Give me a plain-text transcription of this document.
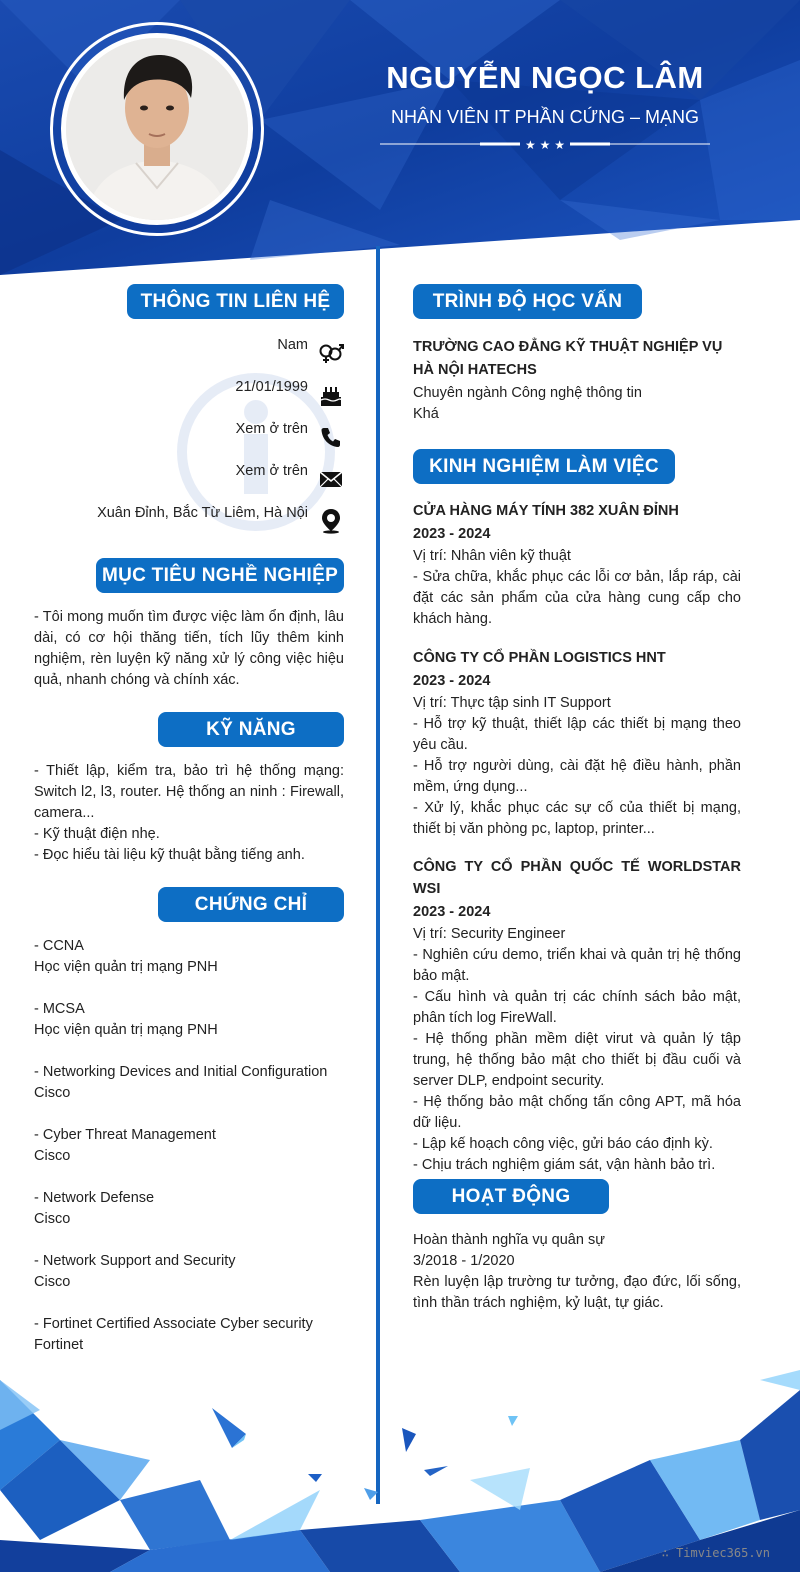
NGUYỄN NGỌC LÂM
NHÂN VIÊN IT PHẦN CỨNG – MẠNG
★ ★ ★
THÔNG TIN LIÊN HỆ
Nam
21/01/1999
Xem ở trên
Xem ở trên
Xuân Đỉnh, Bắc Từ Liêm, Hà Nội
MỤC TIÊU NGHỀ NGHIỆP
- Tôi mong muốn tìm được việc làm ổn định, lâu dài, có cơ hội thăng tiến, tích lũy thêm kinh nghiệm, rèn luyện kỹ năng xử lý công việc hiệu quả, nhanh chóng và chính xác.
KỸ NĂNG
- Thiết lập, kiểm tra, bảo trì hệ thống mạng: Switch l2, l3, router. Hệ thống an ninh : Firewall, camera...
- Kỹ thuật điện nhẹ.
- Đọc hiểu tài liệu kỹ thuật bằng tiếng anh.
CHỨNG CHỈ
- CCNA
Học viện quản trị mạng PNH
- MCSA
Học viện quản trị mạng PNH
- Networking Devices and Initial Configuration
Cisco
- Cyber Threat Management
Cisco
- Network Defense
Cisco
- Network Support and Security
Cisco
- Fortinet Certified Associate Cyber security
Fortinet
TRÌNH ĐỘ HỌC VẤN
TRƯỜNG CAO ĐẲNG KỸ THUẬT NGHIỆP VỤ HÀ NỘI HATECHS
Chuyên ngành Công nghệ thông tin
Khá
KINH NGHIỆM LÀM VIỆC
CỬA HÀNG MÁY TÍNH 382 XUÂN ĐỈNH
2023 - 2024
Vị trí: Nhân viên kỹ thuật
- Sửa chữa, khắc phục các lỗi cơ bản, lắp ráp, cài đặt các sản phẩm của cửa hàng cung cấp cho khách hàng.
CÔNG TY CỔ PHẦN LOGISTICS HNT
2023 - 2024
Vị trí: Thực tập sinh IT Support
- Hỗ trợ kỹ thuật, thiết lập các thiết bị mạng theo yêu cầu.
- Hỗ trợ người dùng, cài đặt hệ điều hành, phần mềm, ứng dụng...
- Xử lý, khắc phục các sự cố của thiết bị mạng, thiết bị văn phòng pc, laptop, printer...
CÔNG TY CỔ PHẦN QUỐC TẾ WORLDSTAR WSI
2023 - 2024
Vị trí: Security Engineer
- Nghiên cứu demo, triển khai và quản trị hệ thống bảo mật.
- Cấu hình và quản trị các chính sách bảo mật, phân tích log FireWall.
- Hệ thống phần mềm diệt virut và quản lý tập trung, hệ thống bảo mật cho thiết bị đầu cuối và server DLP, endpoint security.
- Hệ thống bảo mật chống tấn công APT, mã hóa dữ liệu.
- Lập kế hoạch công việc, gửi báo cáo định kỳ.
- Chịu trách nghiệm giám sát, vận hành bảo trì.
HOẠT ĐỘNG
Hoàn thành nghĩa vụ quân sự
3/2018 - 1/2020
Rèn luyện lập trường tư tưởng, đạo đức, lối sống, tình thần trách nghiệm, kỷ luật, tự giác.
∴ Timviec365.vn
